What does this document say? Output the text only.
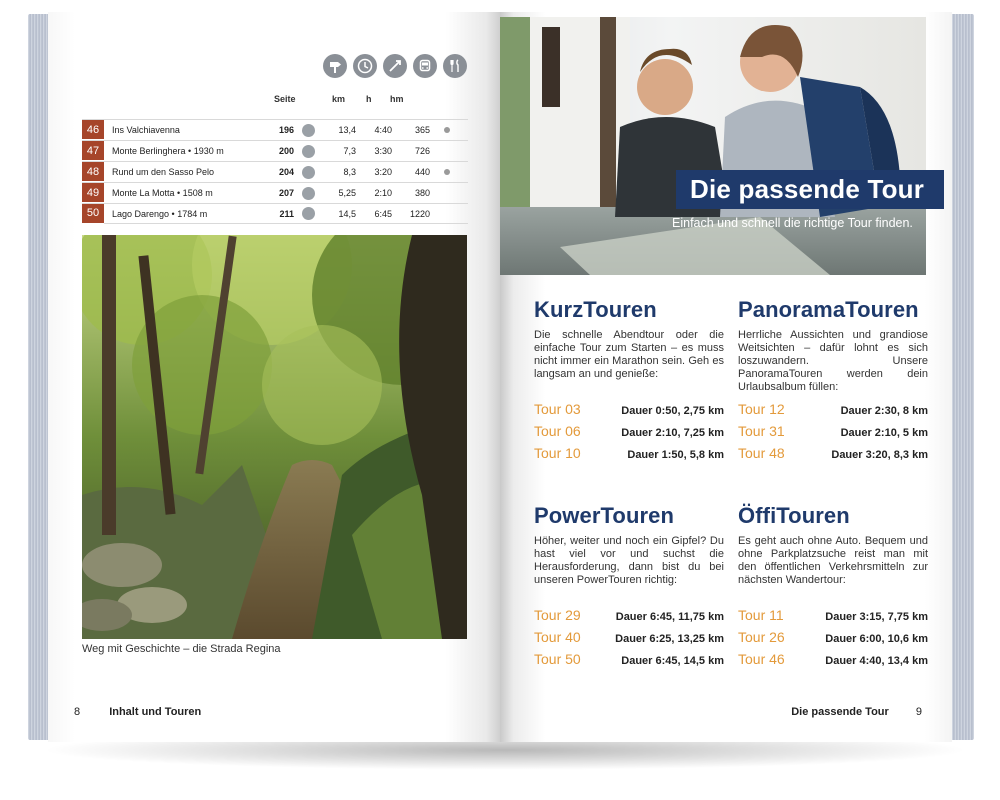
Seite	km h hm
46	Ins Valchiavenna	196	13,4	4:40	365
47	Monte Berlinghera • 1930 m	200	7,3	3:30	726
48	Rund um den Sasso Pelo	204	8,3	3:20	440
49	Monte La Motta • 1508 m	207	5,25	2:10	380
50	Lago Darengo • 1784 m	211	14,5	6:45	1220
Weg mit Geschichte – die Strada Regina
8	Inhalt und Touren
Die passende Tour
Einfach und schnell die richtige Tour finden.
KurzTouren

Die schnelle Abendtour oder die einfache Tour zum Starten – es muss nicht immer ein Marathon sein. Geh es langsam an und genieße:

Tour 03	Dauer 0:50, 2,75 km
Tour 06	Dauer 2:10, 7,25 km
Tour 10	Dauer 1:50, 5,8 km
PanoramaTouren

Herrliche Aussichten und grandiose Weitsichten – dafür lohnt es sich loszuwandern. Unsere PanoramaTouren werden dein Urlaubsalbum füllen:

Tour 12	Dauer 2:30, 8 km
Tour 31	Dauer 2:10, 5 km
Tour 48	Dauer 3:20, 8,3 km
PowerTouren

Höher, weiter und noch ein Gipfel? Du hast viel vor und suchst die Herausforderung, dann bist du bei unseren PowerTouren richtig:

Tour 29	Dauer 6:45, 11,75 km
Tour 40	Dauer 6:25, 13,25 km
Tour 50	Dauer 6:45, 14,5 km
ÖffiTouren

Es geht auch ohne Auto. Bequem und ohne Parkplatzsuche reist man mit den öffentlichen Verkehrsmitteln zur nächsten Wandertour:

Tour 11	Dauer 3:15, 7,75 km
Tour 26	Dauer 6:00, 10,6 km
Tour 46	Dauer 4:40, 13,4 km
Die passende Tour 9
